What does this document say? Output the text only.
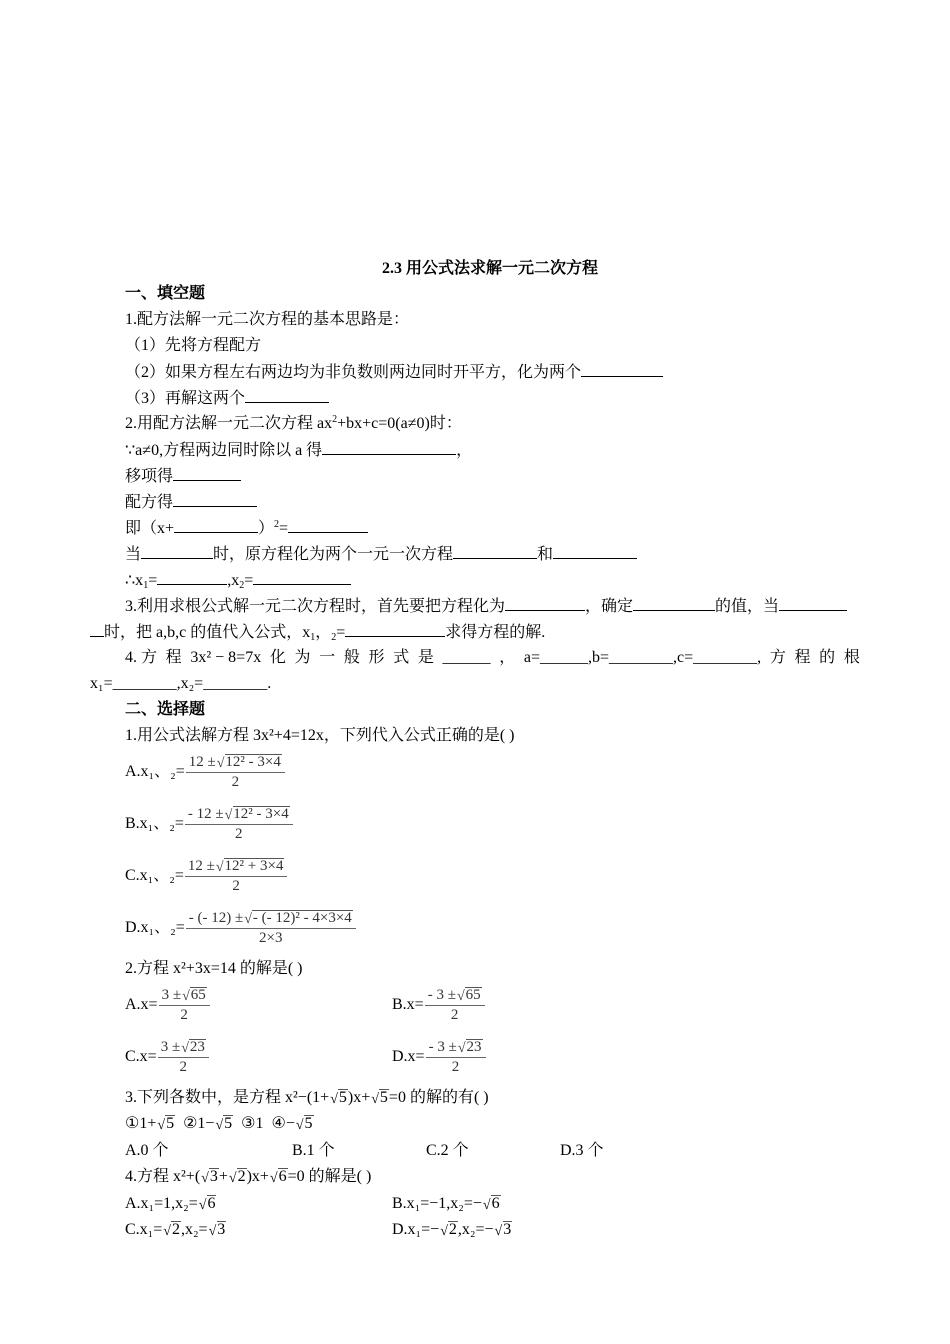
2.3 用公式法求解一元二次方程
一、填空题
1.配方法解一元二次方程的基本思路是：
（1）先将方程配方
（2）如果方程左右两边均为非负数则两边同时开平方，化为两个
（3）再解这两个
2.用配方法解一元二次方程 $ax^2+bx+c=0(a\ne 0)$时：
∵a≠0,方程两边同时除以 a 得	，
移项得
配方得
即（x+	）$^2$=
当	时，原方程化为两个一元一次方程	和
$\therefore x_1=$	$,x_2=$
3.利用求根公式解一元二次方程时，首先要把方程化为	，确定	的值，当
时，把 a,b,c 的值代入公式，$x_1$，$_2$=	求得方程的解.
4. 方 程 3x² − 8=7x 化 为 一 般 形 式 是 ______ ， a=______,b=________,c=________, 方 程 的 根
x₁=________,x₂=________.
二、选择题
1.用公式法解方程 3x²+4=12x，下列代入公式正确的是( )
A.x₁、$_2= \frac{\text{12 ± √ 12² - 3×4}}{2}$
B.x₁、$_2= \frac{\text{- 12 ± √ 12² - 3×4}}{2}$
C.x₁、$_2= \frac{\text{12 ± √ 12² + 3×4}}{2}$
D.x₁、$_2= \frac{\text{- (- 12) ± √ - (- 12)² - 4×3×4}}{2\times 3}$
2.方程 x²+3x=14 的解是( )
$A.x= \frac{3 \pm √ 65}{2}$	$B.x= \frac{- 3 \pm √ 65}{2}$
$C.x= \frac{3 \pm √ 23}{2}$	$D.x= \frac{- 3 \pm √ 23}{2}$
3.下列各数中，是方程 x²−(1+ √ 5)x+ √ 5=0 的解的有( )
①1+ √ 5 ②1− √ 5 ③1 ④− √ 5
A.0 个	B.1 个	C.2 个	D.3 个
4.方程 x²+( √ 3+ √ 2)x+ √ 6=0 的解是( )
A.x₁=1,x₂= √ 6	B.x₁=−1,x₂=− √ 6
C.x₁= √ 2,x₂= √ 3	D.x₁=− √ 2,x₂=− √ 3
